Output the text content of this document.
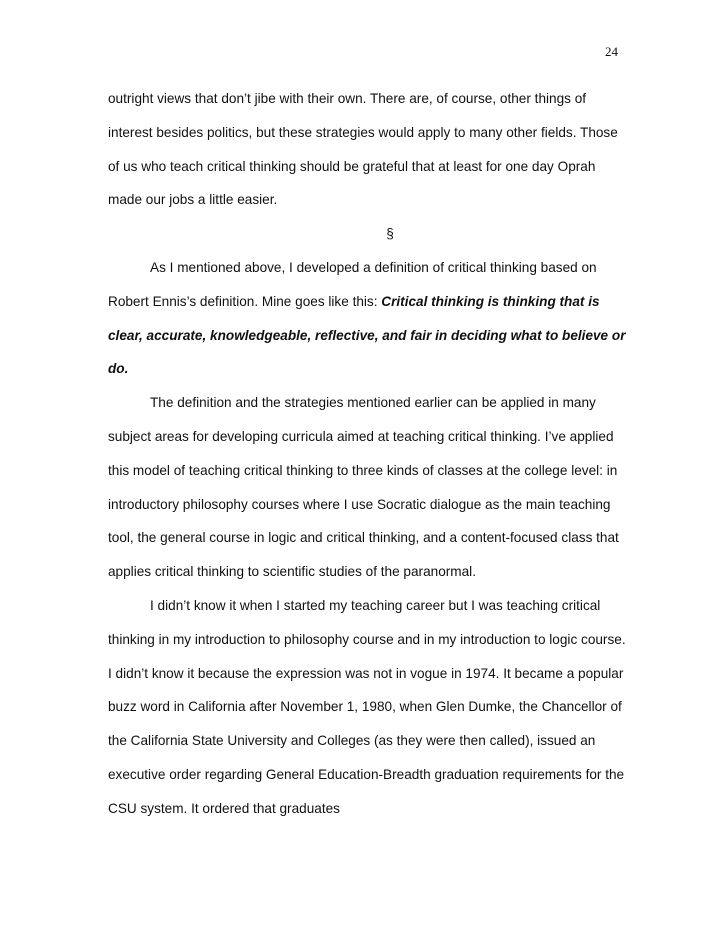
24

outright views that don’t jibe with their own. There are, of course, other things of interest besides politics, but these strategies would apply to many other fields. Those of us who teach critical thinking should be grateful that at least for one day Oprah made our jobs a little easier.

§

As I mentioned above, I developed a definition of critical thinking based on Robert Ennis’s definition. Mine goes like this: Critical thinking is thinking that is clear, accurate, knowledgeable, reflective, and fair in deciding what to believe or do.

The definition and the strategies mentioned earlier can be applied in many subject areas for developing curricula aimed at teaching critical thinking. I’ve applied this model of teaching critical thinking to three kinds of classes at the college level: in introductory philosophy courses where I use Socratic dialogue as the main teaching tool, the general course in logic and critical thinking, and a content-focused class that applies critical thinking to scientific studies of the paranormal.

I didn’t know it when I started my teaching career but I was teaching critical thinking in my introduction to philosophy course and in my introduction to logic course. I didn’t know it because the expression was not in vogue in 1974. It became a popular buzz word in California after November 1, 1980, when Glen Dumke, the Chancellor of the California State University and Colleges (as they were then called), issued an executive order regarding General Education-Breadth graduation requirements for the CSU system. It ordered that graduates
